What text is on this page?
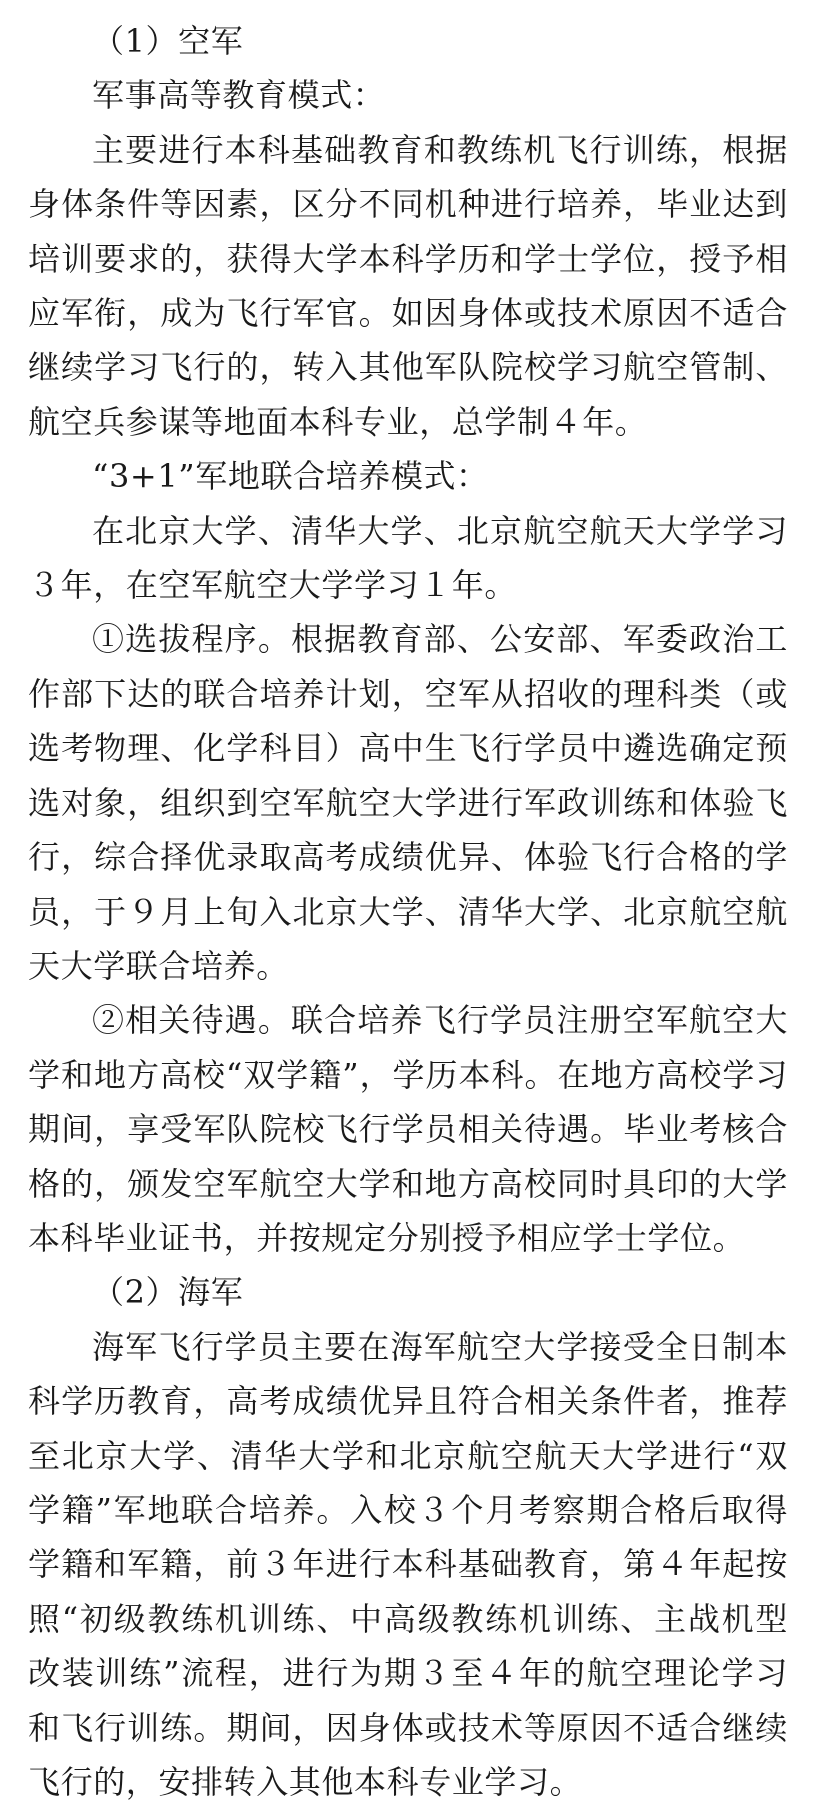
（1）空军

军事高等教育模式：

主要进行本科基础教育和教练机飞行训练，根据身体条件等因素，区分不同机种进行培养，毕业达到培训要求的，获得大学本科学历和学士学位，授予相应军衔，成为飞行军官。如因身体或技术原因不适合继续学习飞行的，转入其他军队院校学习航空管制、航空兵参谋等地面本科专业，总学制４年。

“3+1”军地联合培养模式：

在北京大学、清华大学、北京航空航天大学学习３年，在空军航空大学学习１年。

①选拔程序。根据教育部、公安部、军委政治工作部下达的联合培养计划，空军从招收的理科类（或选考物理、化学科目）高中生飞行学员中遴选确定预选对象，组织到空军航空大学进行军政训练和体验飞行，综合择优录取高考成绩优异、体验飞行合格的学员，于９月上旬入北京大学、清华大学、北京航空航天大学联合培养。

②相关待遇。联合培养飞行学员注册空军航空大学和地方高校“双学籍”，学历本科。在地方高校学习期间，享受军队院校飞行学员相关待遇。毕业考核合格的，颁发空军航空大学和地方高校同时具印的大学本科毕业证书，并按规定分别授予相应学士学位。

（2）海军

海军飞行学员主要在海军航空大学接受全日制本科学历教育，高考成绩优异且符合相关条件者，推荐至北京大学、清华大学和北京航空航天大学进行“双学籍”军地联合培养。入校３个月考察期合格后取得学籍和军籍，前３年进行本科基础教育，第４年起按照“初级教练机训练、中高级教练机训练、主战机型改装训练”流程，进行为期３至４年的航空理论学习和飞行训练。期间，因身体或技术等原因不适合继续飞行的，安排转入其他本科专业学习。
